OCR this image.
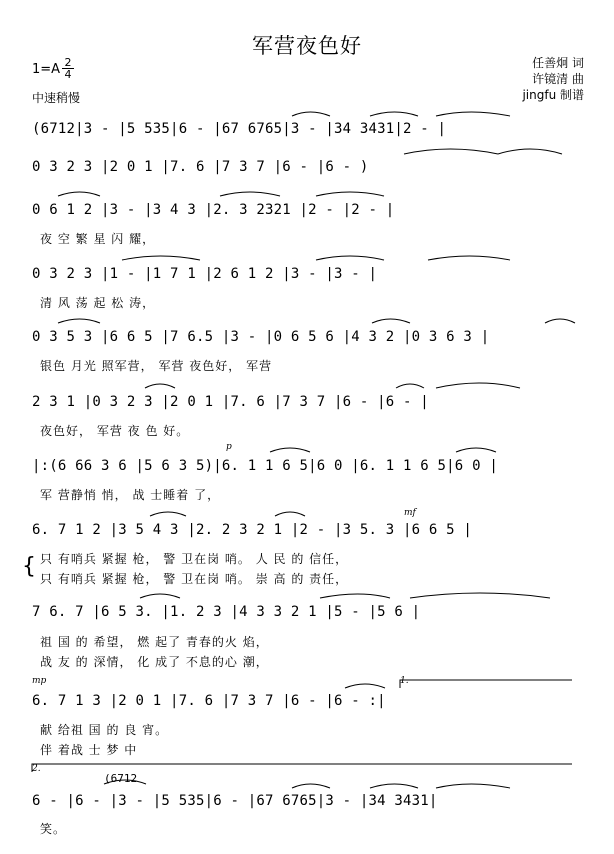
军营夜色好
1=A 2
4
中速稍慢
任善炯 词
许镜清 曲
jingfu 制谱
(6712|3 - |5 535|6 - |67 6765|3 - |34 3431|2 - |
0 3 2 3 |2 0 1 |7. 6 |7 3 7 |6 - |6 - )
0 6 1 2 |3 - |3 4 3 |2. 3 2321 |2 - |2 - |
夜 空 繁 星 闪 耀，
0 3 2 3 |1 - |1 7 1 |2 6 1 2 |3 - |3 - |
清 风 荡 起 松 涛，
0 3 5 3 |6 6 5 |7 6.5 |3 - |0 6 5 6 |4 3 2 |0 3 6 3 |
银色 月光 照军营， 军营 夜色好， 军营
2 3 1 |0 3 2 3 |2 0 1 |7. 6 |7 3 7 |6 - |6 - |
夜色好， 军营 夜 色 好。
p
|:(6 66 3 6 |5 6 3 5)|6. 1 1 6 5|6 0 |6. 1 1 6 5|6 0 |
军 营静悄 悄， 战 士睡着 了，
mf
6. 7 1 2 |3 5 4 3 |2. 2 3 2 1 |2 - |3 5. 3 |6 6 5 |
{ 只 有哨兵 紧握 枪， 警 卫在岗 哨。 人 民 的 信任，
只 有哨兵 紧握 枪， 警 卫在岗 哨。 崇 高 的 责任，
7 6. 7 |6 5 3. |1. 2 3 |4 3 3 2 1 |5 - |5 6 |
祖 国 的 希望， 燃 起了 青春的火 焰，
战 友 的 深情， 化 成了 不息的心 潮，
mp	1.
6. 7 1 3 |2 0 1 |7. 6 |7 3 7 |6 - |6 - :|
献 给祖 国 的 良 宵。
伴 着战 士 梦 中
2.
(6712
6 - |6 - |3 - |5 535|6 - |67 6765|3 - |34 3431|
笑。
